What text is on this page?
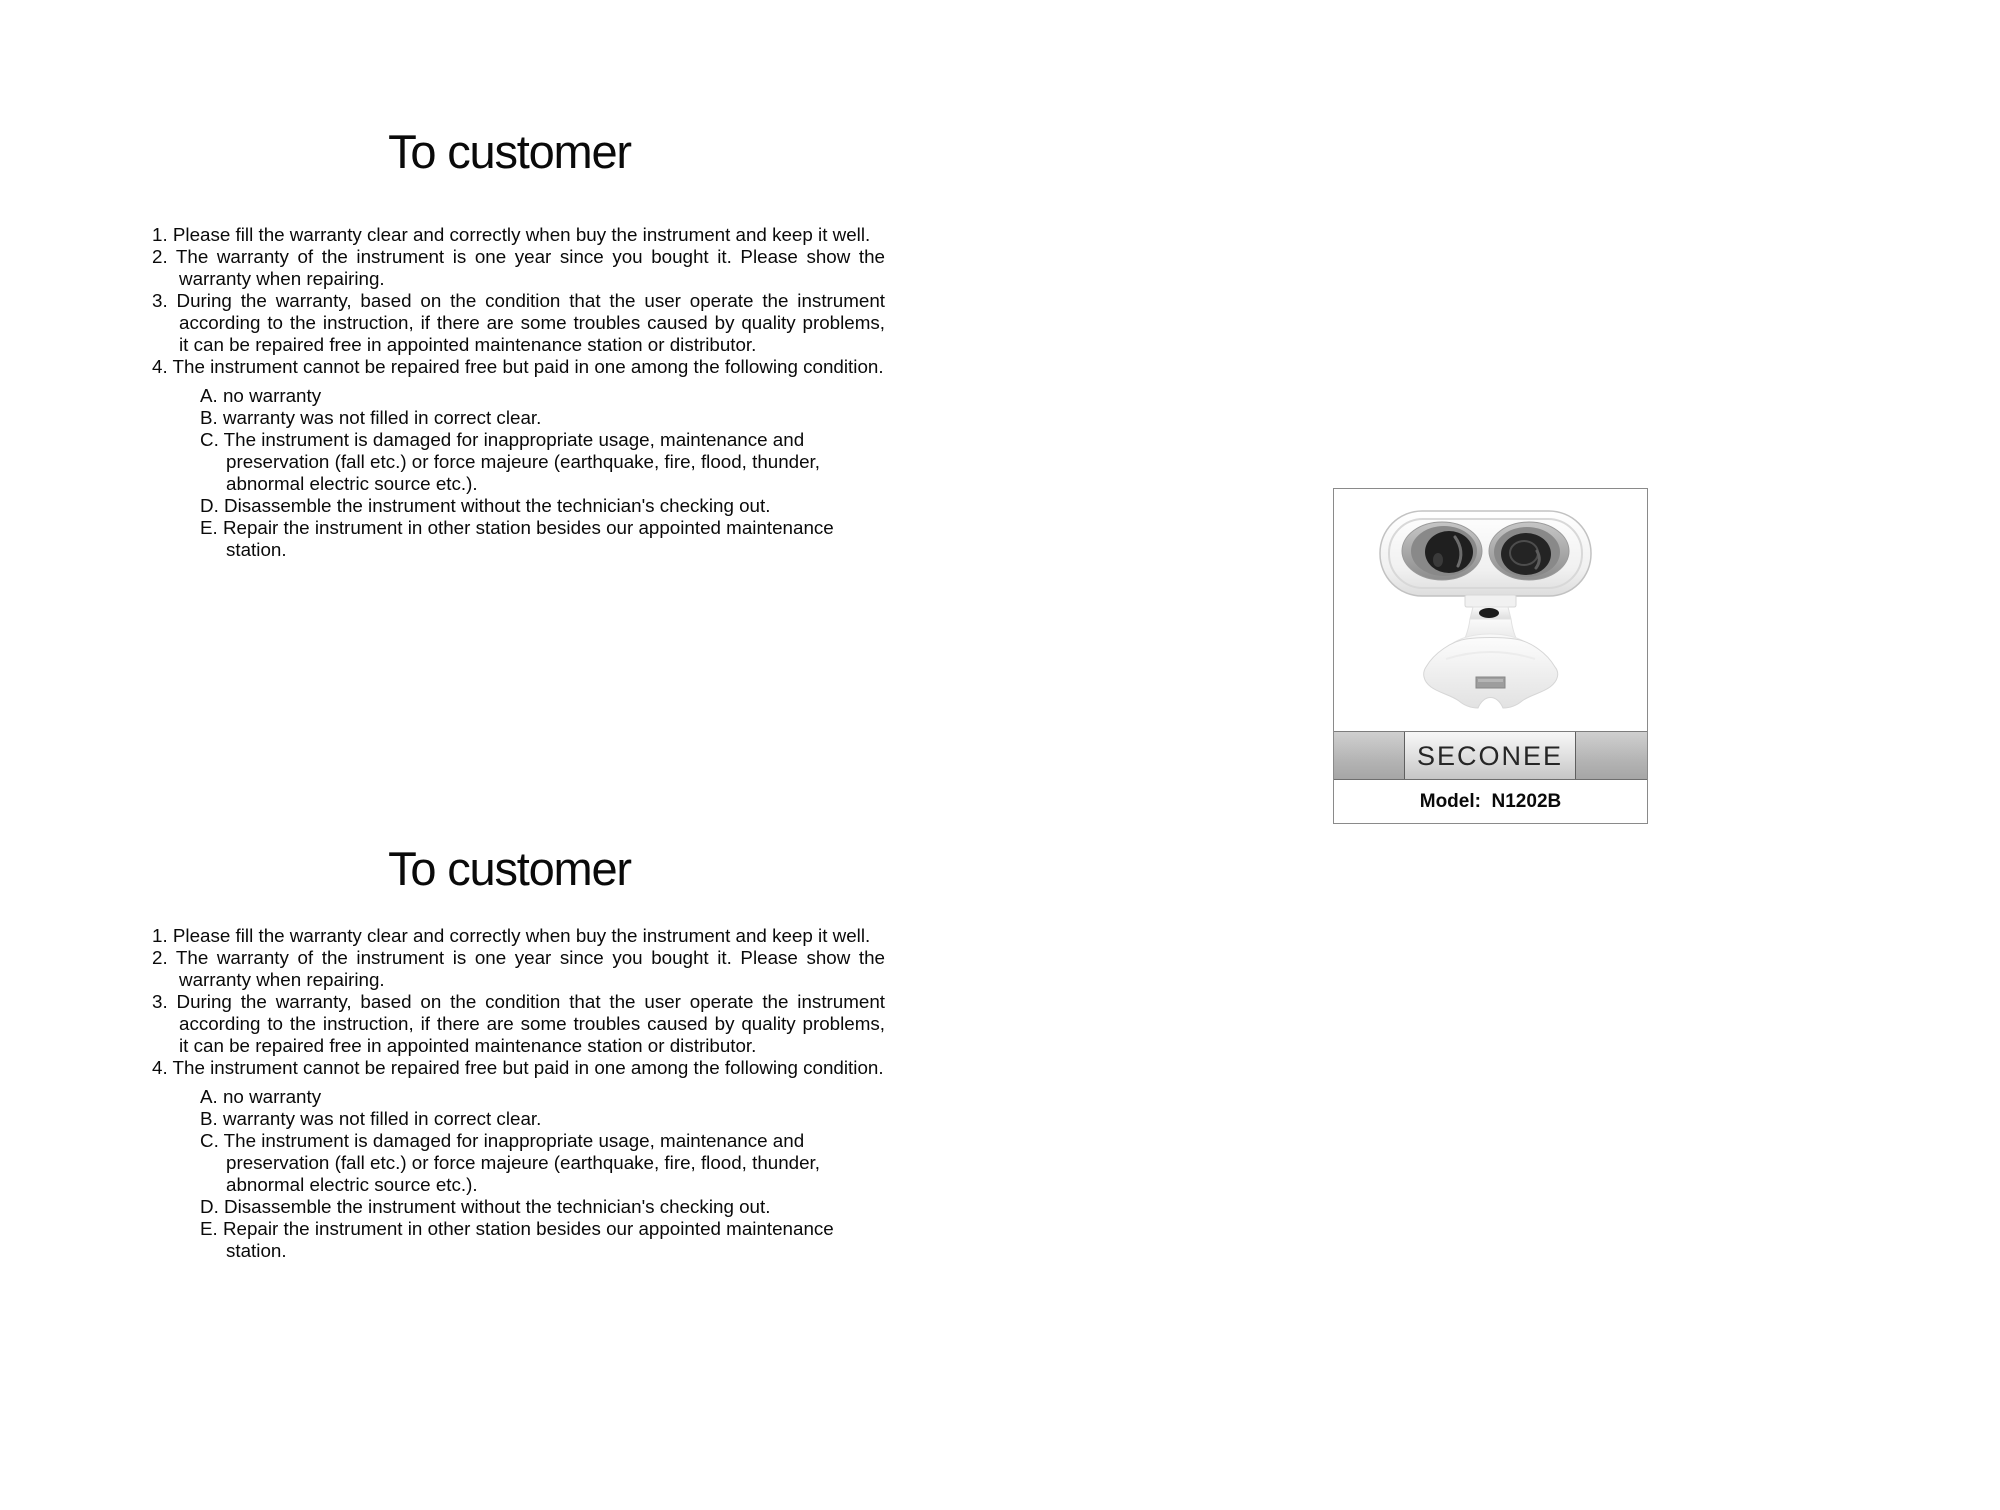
To customer
1. Please fill the warranty clear and correctly when buy the instrument and keep it well.
2. The warranty of the instrument is one year since you bought it. Please show the
warranty when repairing.
3. During the warranty, based on the condition that the user operate the instrument
according to the instruction, if there are some troubles caused by quality problems,
it can be repaired free in appointed maintenance station or distributor.
4. The instrument cannot be repaired free but paid in one among the following condition.
A. no warranty
B. warranty was not filled in correct clear.
C. The instrument is damaged for inappropriate usage, maintenance and
preservation (fall etc.) or force majeure (earthquake, fire, flood, thunder,
abnormal electric source etc.).
D. Disassemble the instrument without the technician's checking out.
E. Repair the instrument in other station besides our appointed maintenance
station.
To customer
1. Please fill the warranty clear and correctly when buy the instrument and keep it well.
2. The warranty of the instrument is one year since you bought it. Please show the
warranty when repairing.
3. During the warranty, based on the condition that the user operate the instrument
according to the instruction, if there are some troubles caused by quality problems,
it can be repaired free in appointed maintenance station or distributor.
4. The instrument cannot be repaired free but paid in one among the following condition.
A. no warranty
B. warranty was not filled in correct clear.
C. The instrument is damaged for inappropriate usage, maintenance and
preservation (fall etc.) or force majeure (earthquake, fire, flood, thunder,
abnormal electric source etc.).
D. Disassemble the instrument without the technician's checking out.
E. Repair the instrument in other station besides our appointed maintenance
station.
SECONEE
Model:  N1202B
